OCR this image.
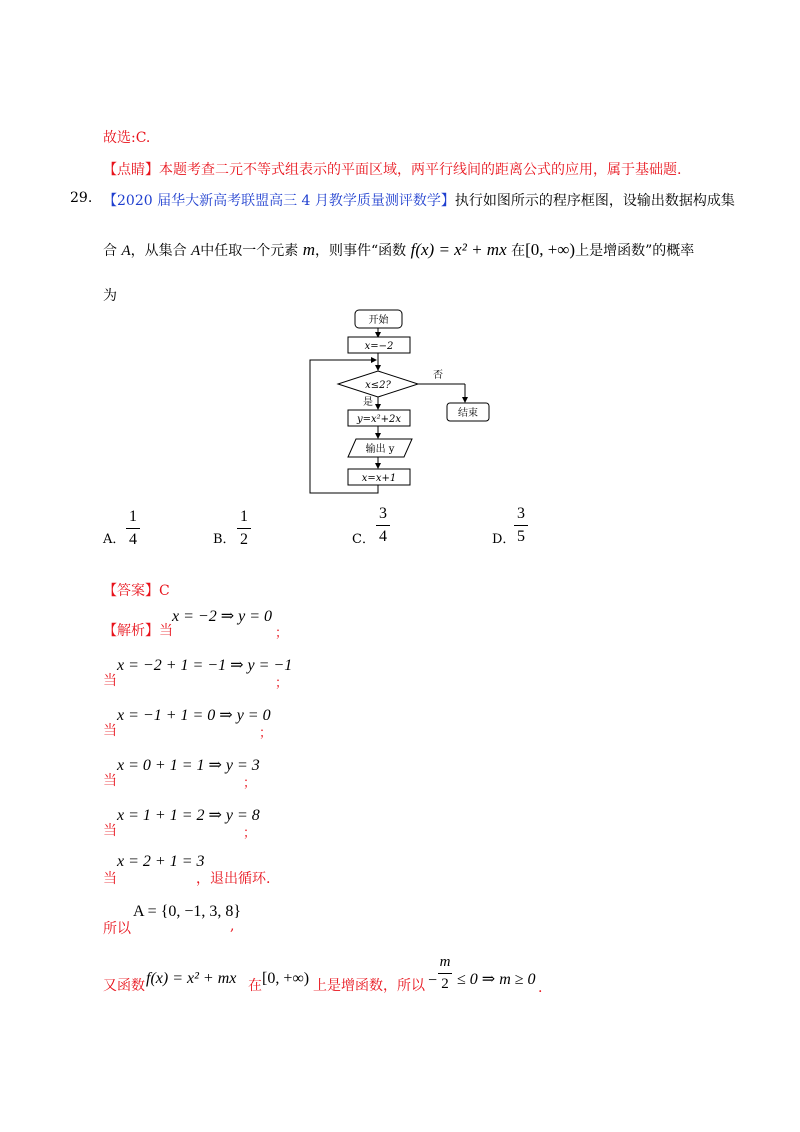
故选:C.
【点睛】本题考查二元不等式组表示的平面区域，两平行线间的距离公式的应用，属于基础题.
29. 【2020 届华大新高考联盟高三 4 月教学质量测评数学】执行如图所示的程序框图，设输出数据构成集
合 A，从集合 A中任取一个元素 m，则事件“函数 f(x) = x² + mx 在[0, +∞)上是增函数”的概率
为
开始
x=−2
x≤2?
否
结束
是
y=x²+2x
输出 y
x=x+1
A．
1
4	B．
1
2	C．
3
4	D．
3
5
【答案】C
【解析】当
x = −2 ⇒ y = 0
；
当
x = −2 + 1 = −1 ⇒ y = −1
；
当
x = −1 + 1 = 0 ⇒ y = 0
；
当
x = 0 + 1 = 1 ⇒ y = 3
；
当
x = 1 + 1 = 2 ⇒ y = 8
；
当
x = 2 + 1 = 3
，退出循环.
所以
A = {0, −1, 3, 8}
,
又函数 f(x) = x² + mx 在 [0, +∞) 上是增函数，所以 −
m
2 ≤ 0 ⇒ m ≥ 0 .
